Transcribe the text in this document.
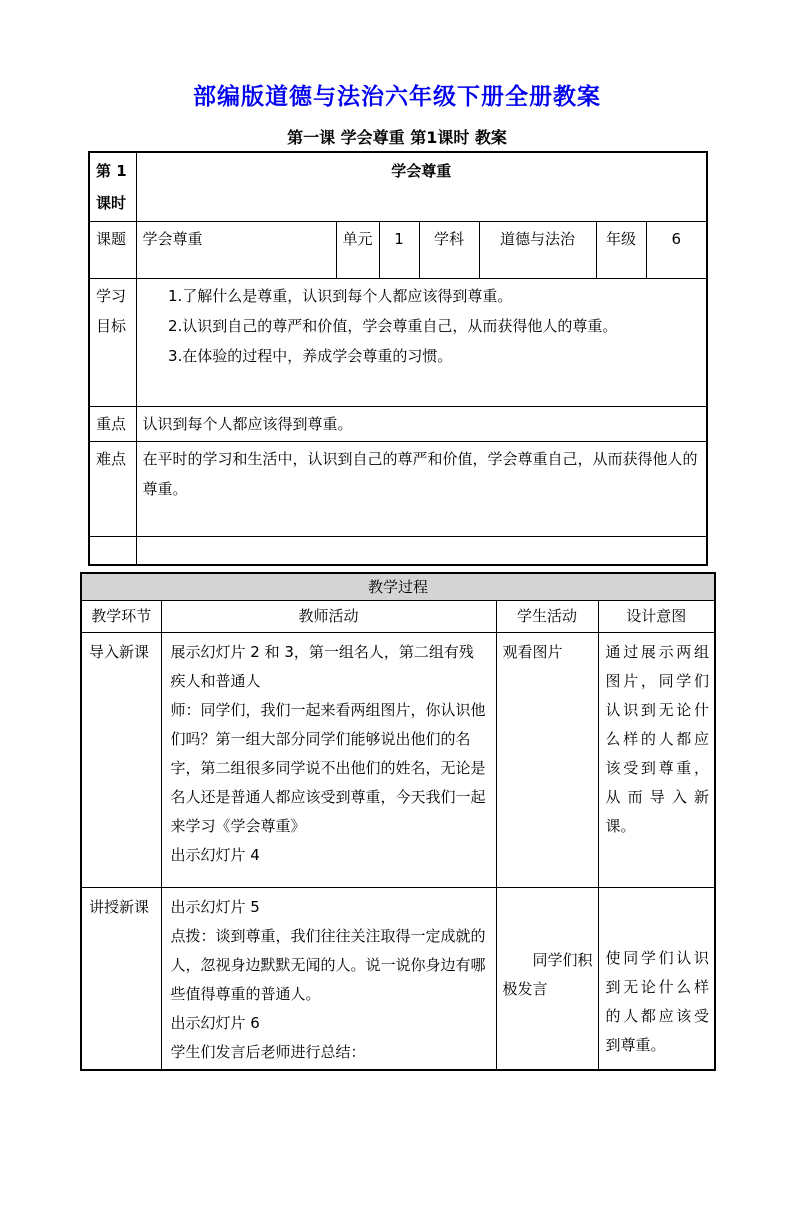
部编版道德与法治六年级下册全册教案
第一课 学会尊重 第1课时 教案
第 1 课时	学会尊重						
课题	学会尊重	单元	1	学科	道德与法治	年级	6
学习目标	1.了解什么是尊重，认识到每个人都应该得到尊重。

2.认识到自己的尊严和价值，学会尊重自己，从而获得他人的尊重。

3.在体验的过程中，养成学会尊重的习惯。						

重点	认识到每个人都应该得到尊重。						
难点	在平时的学习和生活中，认识到自己的尊严和价值，学会尊重自己，从而获得他人的尊重。						

教学过程			
教学环节	教师活动	学生活动	设计意图
导入新课	展示幻灯片 2 和 3，第一组名人，第二组有残疾人和普通人

师：同学们，我们一起来看两组图片，你认识他们吗？第一组大部分同学们能够说出他们的名字，第二组很多同学说不出他们的姓名，无论是名人还是普通人都应该受到尊重，今天我们一起来学习《学会尊重》

出示幻灯片 4	观看图片	通过展示两组图片，同学们认识到无论什么样的人都应该受到尊重，从而导入新课。
讲授新课	出示幻灯片 5

点拨：谈到尊重，我们往往关注取得一定成就的人，忽视身边默默无闻的人。说一说你身边有哪些值得尊重的普通人。

出示幻灯片 6

学生们发言后老师进行总结：	同学们积极发言	使同学们认识到无论什么样的人都应该受到尊重。
